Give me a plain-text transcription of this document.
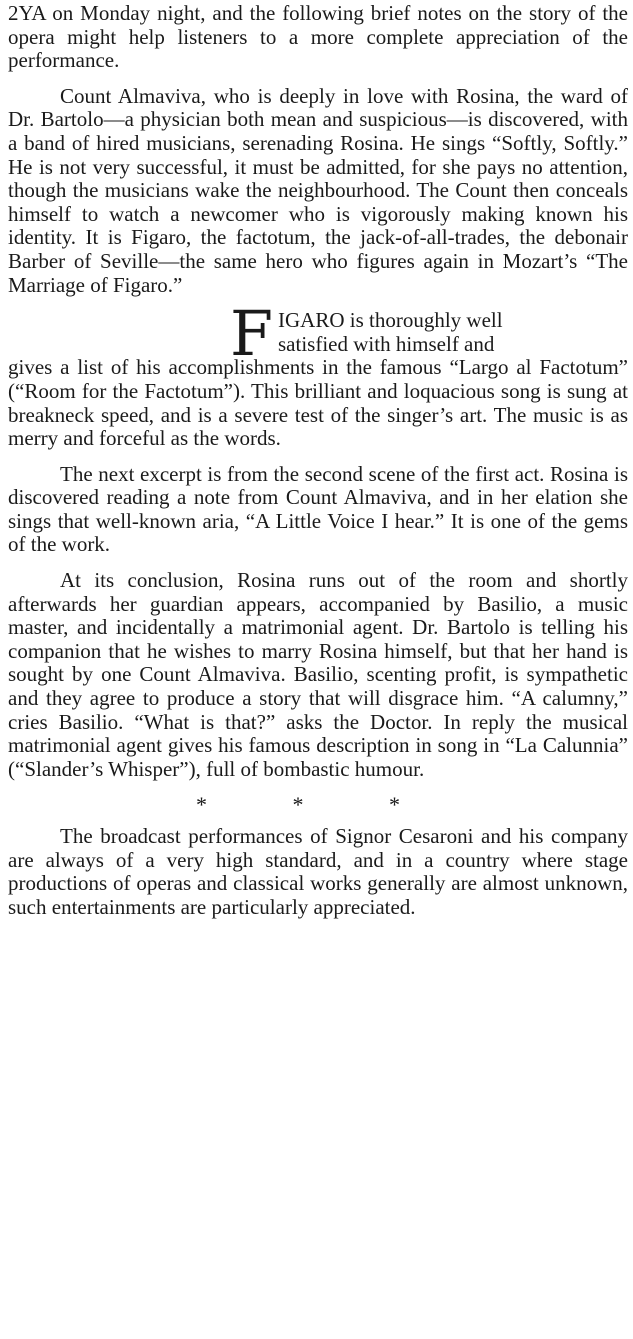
2YA on Monday night, and the following brief notes on the story of the opera might help listeners to a more complete appreciation of the performance.

Count Almaviva, who is deeply in love with Rosina, the ward of Dr. Bartolo—a physician both mean and suspicious—is discovered, with a band of hired musicians, serenading Rosina. He sings “Softly, Softly.” He is not very successful, it must be admitted, for she pays no attention, though the musicians wake the neighbourhood. The Count then conceals himself to watch a newcomer who is vigorously making known his identity. It is Figaro, the factotum, the jack-of-all-trades, the debonair Barber of Seville—the same hero who figures again in Mozart’s “The Marriage of Figaro.”

F IGARO is thoroughly well
satisfied with himself and
gives a list of his accomplishments in the famous “Largo al Factotum” (“Room for the Factotum”). This brilliant and loquacious song is sung at breakneck speed, and is a severe test of the singer’s art. The music is as merry and forceful as the words.

The next excerpt is from the second scene of the first act. Rosina is discovered reading a note from Count Almaviva, and in her elation she sings that well-known aria, “A Little Voice I hear.” It is one of the gems of the work.

At its conclusion, Rosina runs out of the room and shortly afterwards her guardian appears, accompanied by Basilio, a music master, and incidentally a matrimonial agent. Dr. Bartolo is telling his companion that he wishes to marry Rosina himself, but that her hand is sought by one Count Almaviva. Basilio, scenting profit, is sympathetic and they agree to produce a story that will disgrace him. “A calumny,” cries Basilio. “What is that?” asks the Doctor. In reply the musical matrimonial agent gives his famous description in song in “La Calunnia” (“Slander’s Whisper”), full of bombastic humour.

* * *

The broadcast performances of Signor Cesaroni and his company are always of a very high standard, and in a country where stage productions of operas and classical works generally are almost unknown, such entertainments are particularly appreciated.
